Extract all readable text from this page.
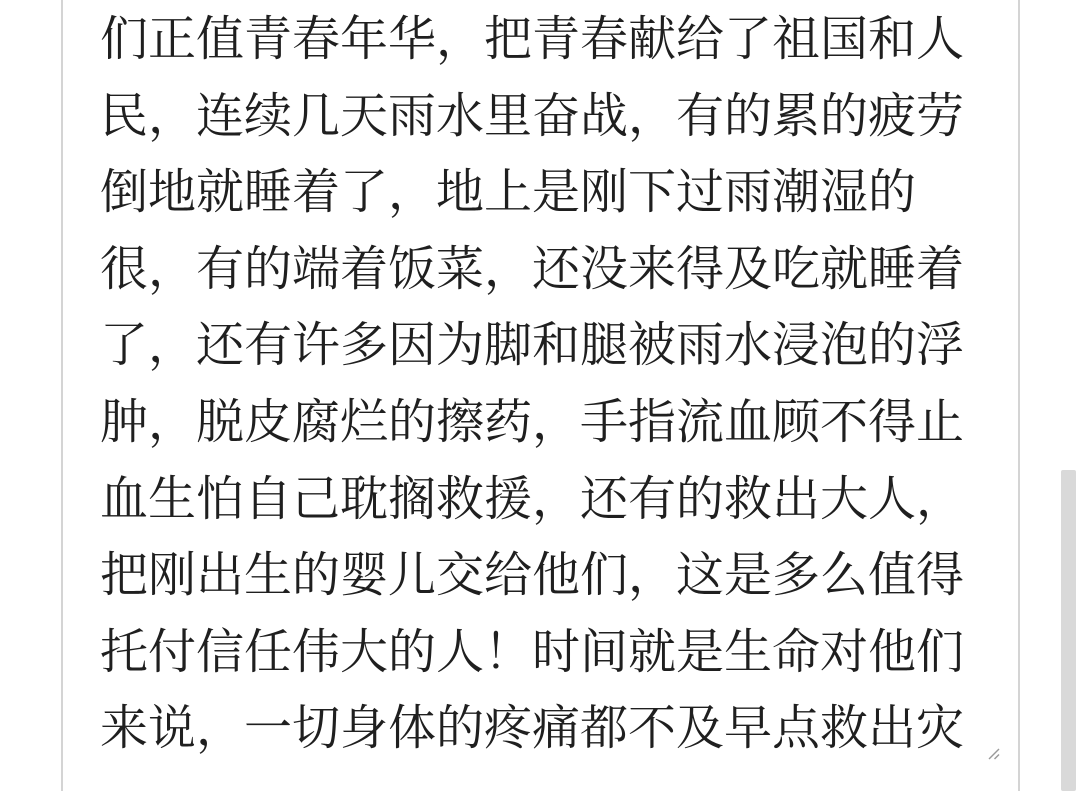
们正值青春年华，把青春献给了祖国和人
民，连续几天雨水里奋战，有的累的疲劳
倒地就睡着了，地上是刚下过雨潮湿的
很，有的端着饭菜，还没来得及吃就睡着
了，还有许多因为脚和腿被雨水浸泡的浮
肿，脱皮腐烂的擦药，手指流血顾不得止
血生怕自己耽搁救援，还有的救出大人，
把刚出生的婴儿交给他们，这是多么值得
托付信任伟大的人！时间就是生命对他们
来说，一切身体的疼痛都不及早点救出灾
